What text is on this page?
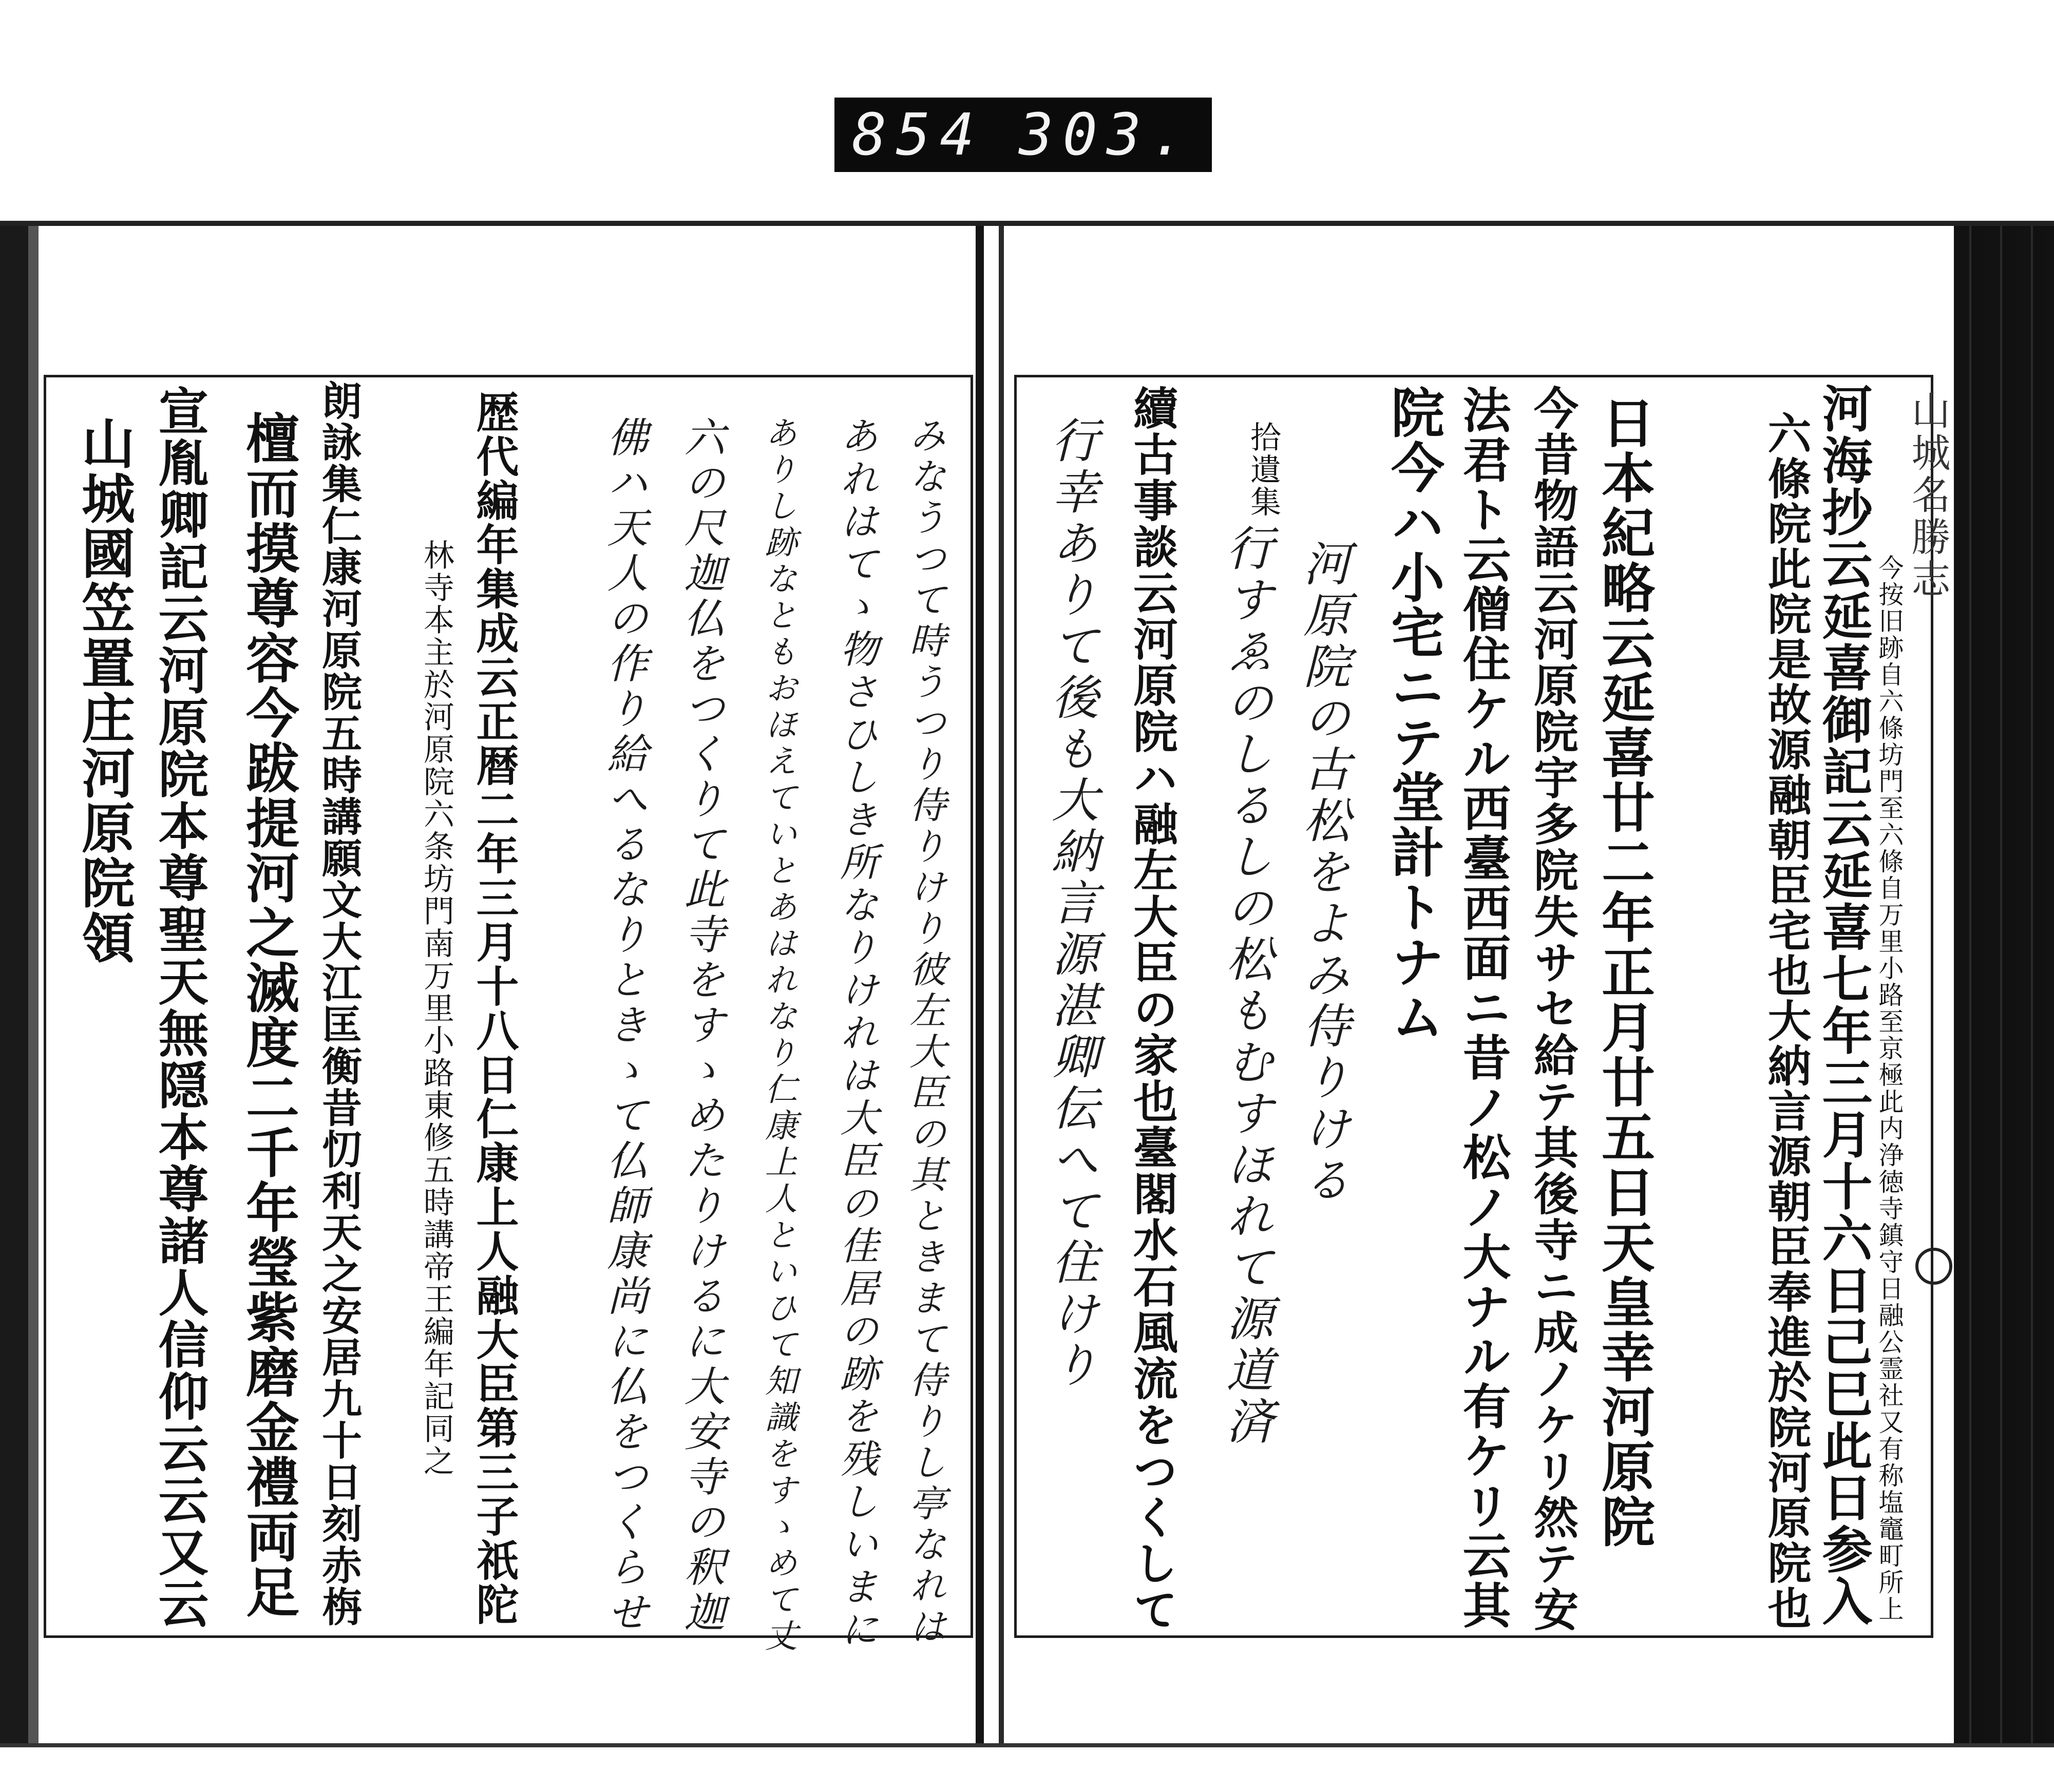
854 303.
山城名勝志
河海抄云延喜御記云延喜七年三月十六日己巳此日参入
六條院此院是故源融朝臣宅也大納言源朝臣奉進於院河原院也	今按旧跡自六條坊門至六條自万里小路至京極此内浄徳寺鎮守日融公霊社又有称塩竈町所上
日本紀略云延喜廿二年正月廿五日天皇幸河原院
今昔物語云河原院宇多院失サセ給テ其後寺ニ成ノケリ然テ安
法君ト云僧住ケル西臺西面ニ昔ノ松ノ大ナル有ケリ云其
院今ハ小宅ニテ堂計トナム
拾遺集
河原院の古松をよみ侍りける
行すゑのしるしの松もむすほれて源道済
續古事談云河原院ハ融左大臣の家也臺閣水石風流をつくして
行幸ありて後も大納言源湛卿伝へて住けり
みなうつて時うつり侍りけり彼左大臣の其ときまて侍りし亭なれは
あれはてゝ物さひしき所なりけれは大臣の佳居の跡を残しいまに
ありし跡なともおほえていとあはれなり仁康上人といひて知識をすゝめて丈
六の尺迦仏をつくりて此寺をすゝめたりけるに大安寺の釈迦
佛ハ天人の作り給へるなりときゝて仏師康尚に仏をつくらせ
歴代編年集成云正暦二年三月十八日仁康上人融大臣第三子祇陀
林寺本主於河原院六条坊門南万里小路東修五時講帝王編年記同之
朗詠集仁康河原院五時講願文大江匡衡昔忉利天之安居九十日刻赤栴
檀而摸尊容今跋提河之滅度二千年瑩紫磨金禮両足
宣胤卿記云河原院本尊聖天無隠本尊諸人信仰云云又云
山城國笠置庄河原院領
